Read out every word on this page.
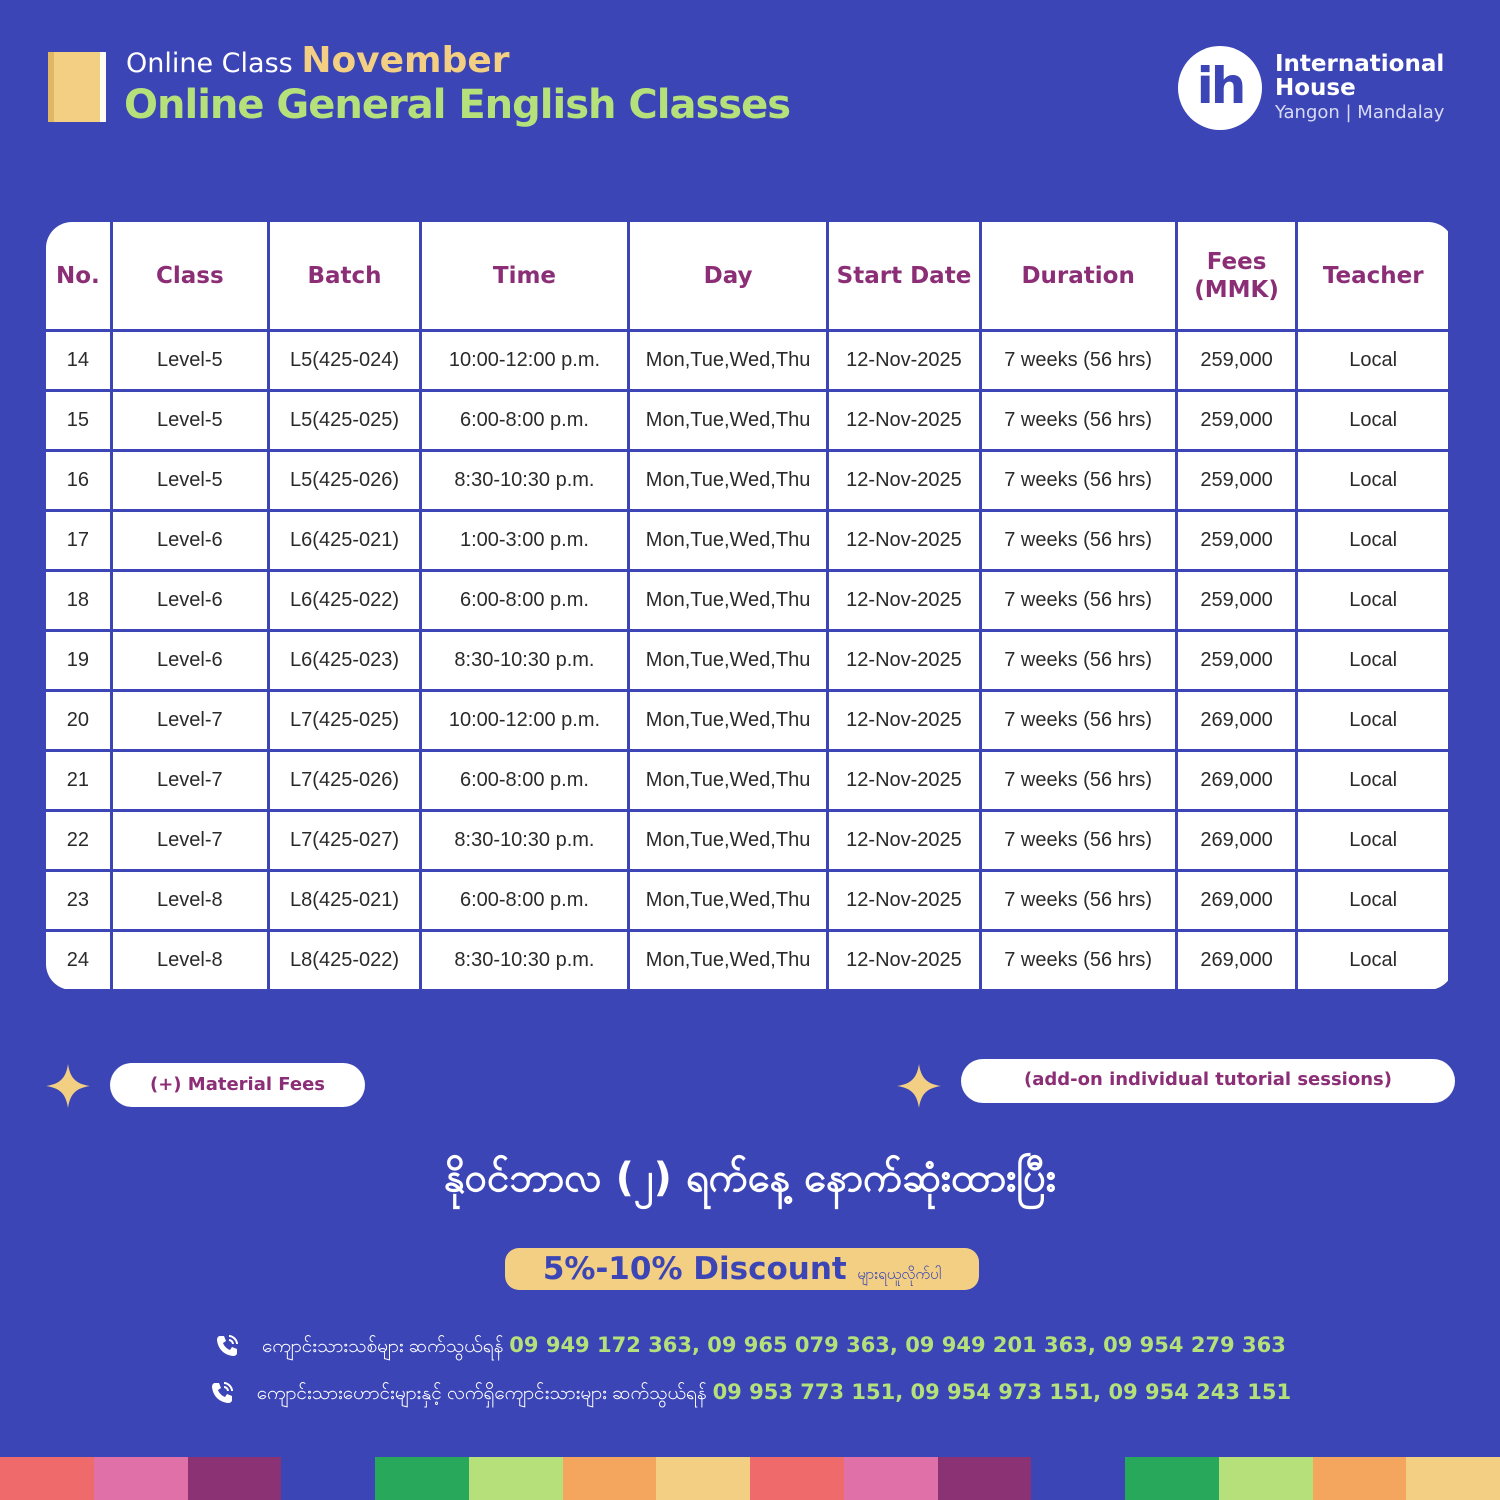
Online Class November
Online General English Classes	ih	International House
Yangon | Mandalay
No.	Class	Batch	Time	Day	Start Date	Duration	Fees (MMK)	Teacher
14	Level-5	L5(425-024)	10:00-12:00 p.m.	Mon,Tue,Wed,Thu	12-Nov-2025	7 weeks (56 hrs)	259,000	Local
15	Level-5	L5(425-025)	6:00-8:00 p.m.	Mon,Tue,Wed,Thu	12-Nov-2025	7 weeks (56 hrs)	259,000	Local
16	Level-5	L5(425-026)	8:30-10:30 p.m.	Mon,Tue,Wed,Thu	12-Nov-2025	7 weeks (56 hrs)	259,000	Local
17	Level-6	L6(425-021)	1:00-3:00 p.m.	Mon,Tue,Wed,Thu	12-Nov-2025	7 weeks (56 hrs)	259,000	Local
18	Level-6	L6(425-022)	6:00-8:00 p.m.	Mon,Tue,Wed,Thu	12-Nov-2025	7 weeks (56 hrs)	259,000	Local
19	Level-6	L6(425-023)	8:30-10:30 p.m.	Mon,Tue,Wed,Thu	12-Nov-2025	7 weeks (56 hrs)	259,000	Local
20	Level-7	L7(425-025)	10:00-12:00 p.m.	Mon,Tue,Wed,Thu	12-Nov-2025	7 weeks (56 hrs)	269,000	Local
21	Level-7	L7(425-026)	6:00-8:00 p.m.	Mon,Tue,Wed,Thu	12-Nov-2025	7 weeks (56 hrs)	269,000	Local
22	Level-7	L7(425-027)	8:30-10:30 p.m.	Mon,Tue,Wed,Thu	12-Nov-2025	7 weeks (56 hrs)	269,000	Local
23	Level-8	L8(425-021)	6:00-8:00 p.m.	Mon,Tue,Wed,Thu	12-Nov-2025	7 weeks (56 hrs)	269,000	Local
24	Level-8	L8(425-022)	8:30-10:30 p.m.	Mon,Tue,Wed,Thu	12-Nov-2025	7 weeks (56 hrs)	269,000	Local
(+) Material Fees	(add-on individual tutorial sessions)
နိုဝင်ဘာလ (၂) ရက်နေ့ နောက်ဆုံးထားပြီး
5%-10% Discount များရယူလိုက်ပါ
ကျောင်းသားသစ်များ ဆက်သွယ်ရန် 09 949 172 363, 09 965 079 363, 09 949 201 363, 09 954 279 363
ကျောင်းသားဟောင်းများနှင့် လက်ရှိကျောင်းသားများ ဆက်သွယ်ရန် 09 953 773 151, 09 954 973 151, 09 954 243 151
